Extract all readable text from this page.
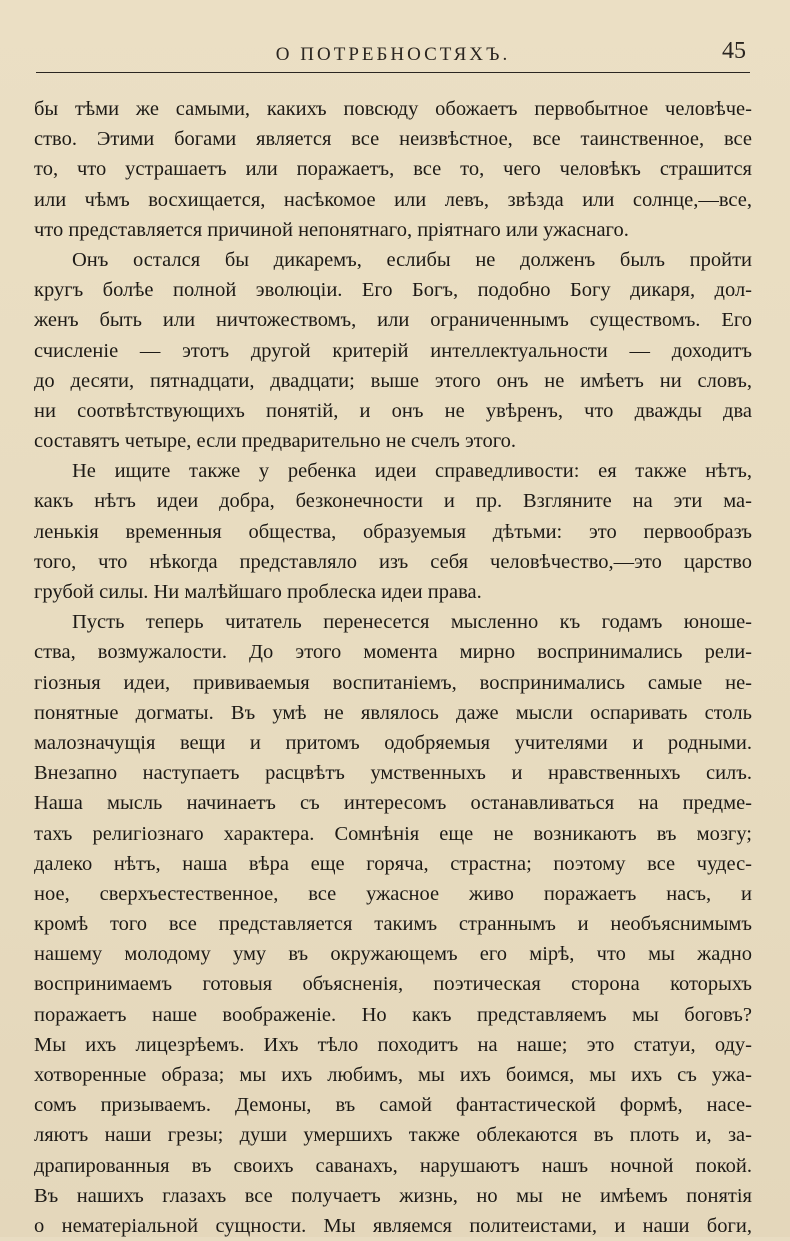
О ПОТРЕБНОСТЯХЪ.	45
бы тѣми же самыми, какихъ повсюду обожаетъ первобытное человѣче-
ство. Этими богами является все неизвѣстное, все таинственное, все
то, что устрашаетъ или поражаетъ, все то, чего человѣкъ страшится
или чѣмъ восхищается, насѣкомое или левъ, звѣзда или солнце,—все,
что представляется причиной непонятнаго, пріятнаго или ужаснаго.
Онъ остался бы дикаремъ, еслибы не долженъ былъ пройти
кругъ болѣе полной эволюціи. Его Богъ, подобно Богу дикаря, дол-
женъ быть или ничтожествомъ, или ограниченнымъ существомъ. Его
счисленіе — этотъ другой критерій интеллектуальности — доходитъ
до десяти, пятнадцати, двадцати; выше этого онъ не имѣетъ ни словъ,
ни соотвѣтствующихъ понятій, и онъ не увѣренъ, что дважды два
составятъ четыре, если предварительно не счелъ этого.
Не ищите также у ребенка идеи справедливости: ея также нѣтъ,
какъ нѣтъ идеи добра, безконечности и пр. Взгляните на эти ма-
ленькія временныя общества, образуемыя дѣтьми: это первообразъ
того, что нѣкогда представляло изъ себя человѣчество,—это царство
грубой силы. Ни малѣйшаго проблеска идеи права.
Пусть теперь читатель перенесется мысленно къ годамъ юноше-
ства, возмужалости. До этого момента мирно воспринимались рели-
гіозныя идеи, прививаемыя воспитаніемъ, воспринимались самые не-
понятные догматы. Въ умѣ не являлось даже мысли оспаривать столь
малозначущія вещи и притомъ одобряемыя учителями и родными.
Внезапно наступаетъ расцвѣтъ умственныхъ и нравственныхъ силъ.
Наша мысль начинаетъ съ интересомъ останавливаться на предме-
тахъ религіознаго характера. Сомнѣнія еще не возникаютъ въ мозгу;
далеко нѣтъ, наша вѣра еще горяча, страстна; поэтому все чудес-
ное, сверхъестественное, все ужасное живо поражаетъ насъ, и
кромѣ того все представляется такимъ страннымъ и необъяснимымъ
нашему молодому уму въ окружающемъ его мірѣ, что мы жадно
воспринимаемъ готовыя объясненія, поэтическая сторона которыхъ
поражаетъ наше воображеніе. Но какъ представляемъ мы боговъ?
Мы ихъ лицезрѣемъ. Ихъ тѣло походитъ на наше; это статуи, оду-
хотворенные образа; мы ихъ любимъ, мы ихъ боимся, мы ихъ съ ужа-
сомъ призываемъ. Демоны, въ самой фантастической формѣ, насе-
ляютъ наши грезы; души умершихъ также облекаются въ плоть и, за-
драпированныя въ своихъ саванахъ, нарушаютъ нашъ ночной покой.
Въ нашихъ глазахъ все получаетъ жизнь, но мы не имѣемъ понятія
о нематеріальной сущности. Мы являемся политеистами, и наши боги,
